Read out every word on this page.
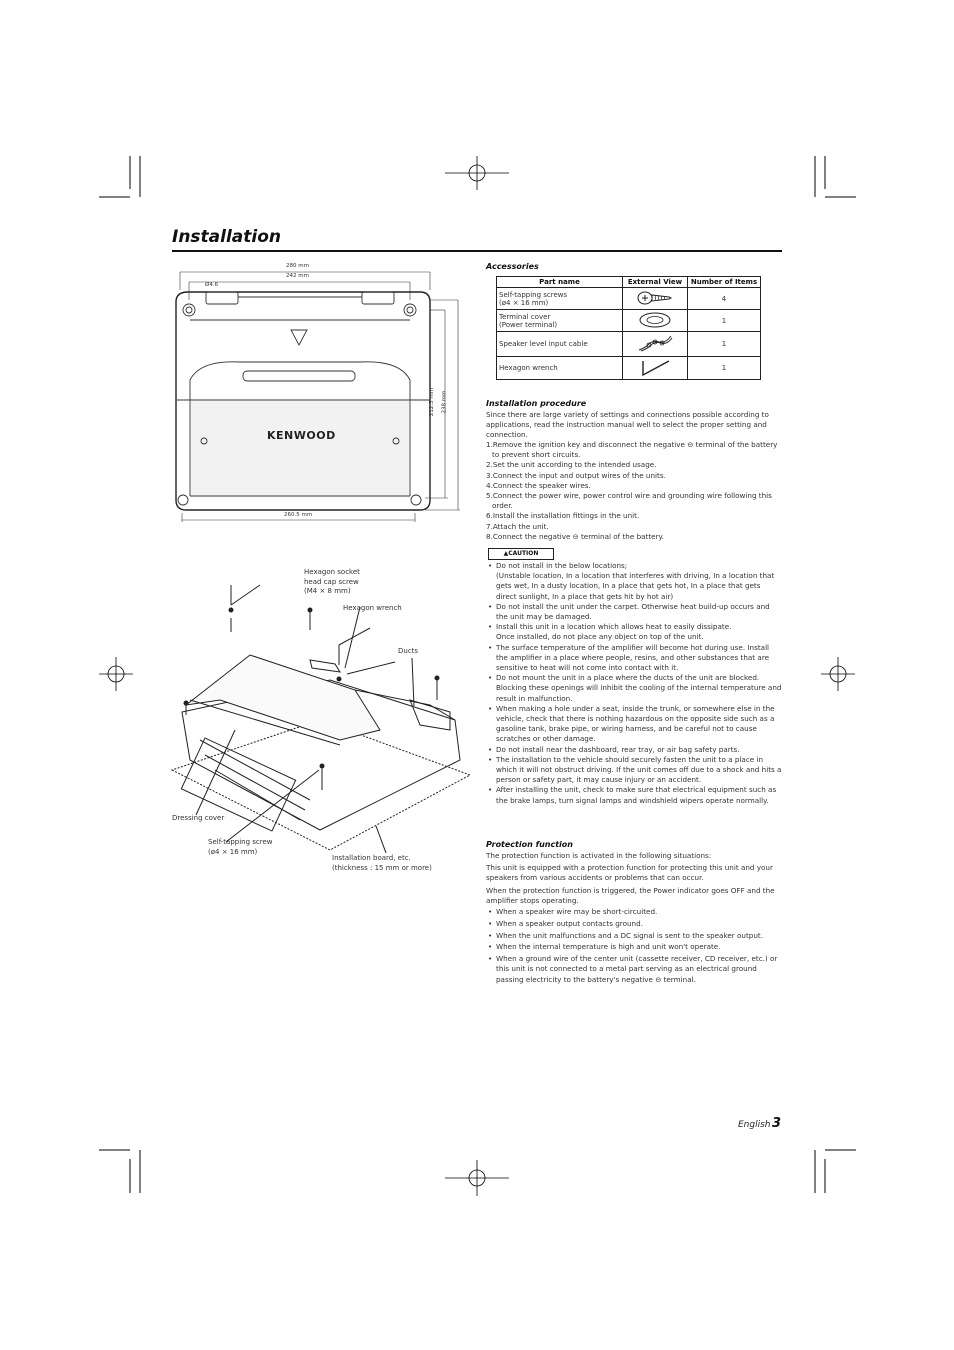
Installation
280 mm
242 mm
Ø4.6
212.5 mm 238 mm
260.5 mm
KENWOOD
Hexagon socket
head cap screw
(M4 × 8 mm)
Hexagon wrench
Ducts
Dressing cover
Self-tapping screw
(ø4 × 16 mm)
Installation board, etc.
(thickness : 15 mm or more)
Accessories
Part name	External View	Number of Items
Self-tapping screws
(ø4 × 16 mm)		4
Terminal cover
(Power terminal)		1
Speaker level input cable		1
Hexagon wrench		1
Installation procedure

Since there are large variety of settings and connections possible according to applications, read the instruction manual well to select the proper setting and connection.

1.Remove the ignition key and disconnect the negative ⊖ terminal of the battery to prevent short circuits.
2.Set the unit according to the intended usage.
3.Connect the input and output wires of the units.
4.Connect the speaker wires.
5.Connect the power wire, power control wire and grounding wire following this order.
6.Install the installation fittings in the unit.
7.Attach the unit.
8.Connect the negative ⊖ terminal of the battery.
▲CAUTION
• Do not install in the below locations;
(Unstable location, In a location that interferes with driving, In a location that gets wet, In a dusty location, In a place that gets hot, In a place that gets direct sunlight, In a place that gets hit by hot air)
• Do not install the unit under the carpet. Otherwise heat build-up occurs and the unit may be damaged.
• Install this unit in a location which allows heat to easily dissipate.
Once installed, do not place any object on top of the unit.
• The surface temperature of the amplifier will become hot during use. Install the amplifier in a place where people, resins, and other substances that are sensitive to heat will not come into contact with it.
• Do not mount the unit in a place where the ducts of the unit are blocked. Blocking these openings will inhibit the cooling of the internal temperature and result in malfunction.
• When making a hole under a seat, inside the trunk, or somewhere else in the vehicle, check that there is nothing hazardous on the opposite side such as a gasoline tank, brake pipe, or wiring harness, and be careful not to cause scratches or other damage.
• Do not install near the dashboard, rear tray, or air bag safety parts.
• The installation to the vehicle should securely fasten the unit to a place in which it will not obstruct driving. If the unit comes off due to a shock and hits a person or safety part, it may cause injury or an accident.
• After installing the unit, check to make sure that electrical equipment such as the brake lamps, turn signal lamps and windshield wipers operate normally.
Protection function

The protection function is activated in the following situations:

This unit is equipped with a protection function for protecting this unit and your speakers from various accidents or problems that can occur.

When the protection function is triggered, the Power indicator goes OFF and the amplifier stops operating.

• When a speaker wire may be short-circuited.
• When a speaker output contacts ground.
• When the unit malfunctions and a DC signal is sent to the speaker output.
• When the internal temperature is high and unit won't operate.
• When a ground wire of the center unit (cassette receiver, CD receiver, etc.) or this unit is not connected to a metal part serving as an electrical ground passing electricity to the battery's negative ⊖ terminal.
English 3
